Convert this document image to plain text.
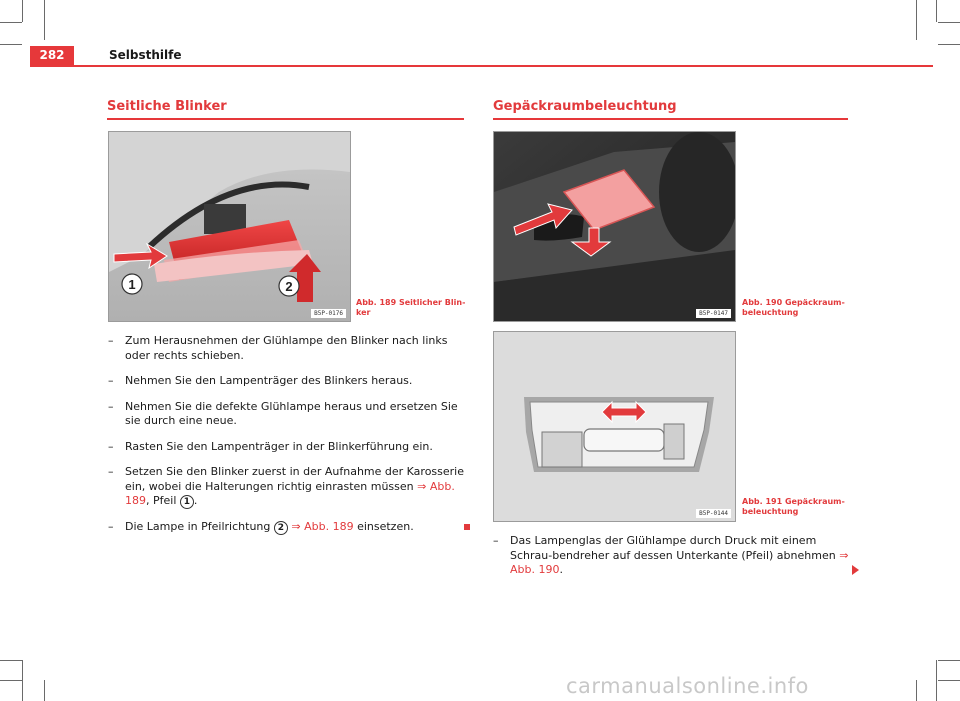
282	Selbsthilfe
Seitliche Blinker
1	2
B5P-0176
Abb. 189 Seitlicher Blin-
ker
– Zum Herausnehmen der Glühlampe den Blinker nach links oder rechts schieben.
– Nehmen Sie den Lampenträger des Blinkers heraus.
– Nehmen Sie die defekte Glühlampe heraus und ersetzen Sie sie durch eine neue.
– Rasten Sie den Lampenträger in der Blinkerführung ein.
– Setzen Sie den Blinker zuerst in der Aufnahme der Karosserie ein, wobei die Halterungen richtig einrasten müssen ⇒ Abb. 189, Pfeil 1 .
– Die Lampe in Pfeilrichtung 2 ⇒ Abb. 189 einsetzen.
Gepäckraumbeleuchtung
B5P-0147
Abb. 190 Gepäckraum-
beleuchtung
B5P-0144
Abb. 191 Gepäckraum-
beleuchtung
– Das Lampenglas der Glühlampe durch Druck mit einem Schrau-bendreher auf dessen Unterkante (Pfeil) abnehmen ⇒ Abb. 190.
carmanualsonline.info
